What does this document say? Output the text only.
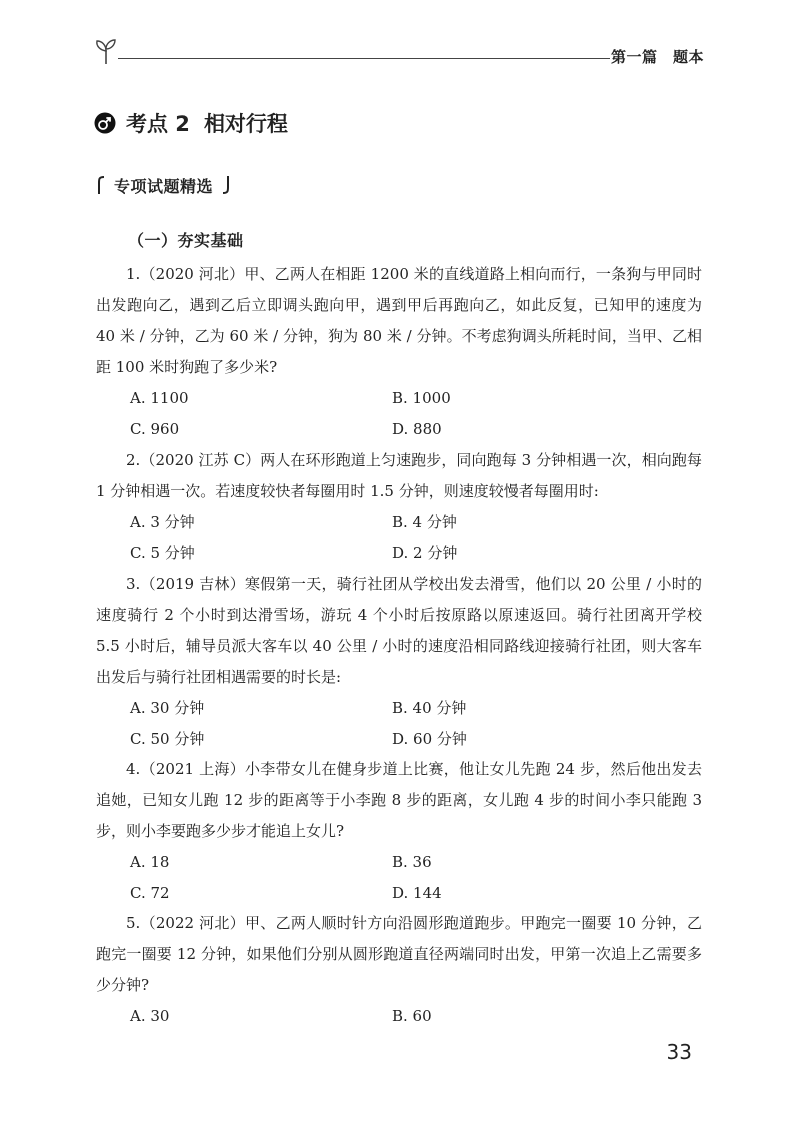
第一篇　题本
考点 2 相对行程
专项试题精选
（一）夯实基础
1.（2020 河北）甲、乙两人在相距 1200 米的直线道路上相向而行，一条狗与甲同时出发跑向乙，遇到乙后立即调头跑向甲，遇到甲后再跑向乙，如此反复，已知甲的速度为 40 米 / 分钟，乙为 60 米 / 分钟，狗为 80 米 / 分钟。不考虑狗调头所耗时间，当甲、乙相距 100 米时狗跑了多少米?
A. 1100	B. 1000
C. 960	D. 880
2.（2020 江苏 C）两人在环形跑道上匀速跑步，同向跑每 3 分钟相遇一次，相向跑每 1 分钟相遇一次。若速度较快者每圈用时 1.5 分钟，则速度较慢者每圈用时:
A. 3 分钟	B. 4 分钟
C. 5 分钟	D. 2 分钟
3.（2019 吉林）寒假第一天，骑行社团从学校出发去滑雪，他们以 20 公里 / 小时的速度骑行 2 个小时到达滑雪场，游玩 4 个小时后按原路以原速返回。骑行社团离开学校 5.5 小时后，辅导员派大客车以 40 公里 / 小时的速度沿相同路线迎接骑行社团，则大客车出发后与骑行社团相遇需要的时长是:
A. 30 分钟	B. 40 分钟
C. 50 分钟	D. 60 分钟
4.（2021 上海）小李带女儿在健身步道上比赛，他让女儿先跑 24 步，然后他出发去追她，已知女儿跑 12 步的距离等于小李跑 8 步的距离，女儿跑 4 步的时间小李只能跑 3 步，则小李要跑多少步才能追上女儿?
A. 18	B. 36
C. 72	D. 144
5.（2022 河北）甲、乙两人顺时针方向沿圆形跑道跑步。甲跑完一圈要 10 分钟，乙跑完一圈要 12 分钟，如果他们分别从圆形跑道直径两端同时出发，甲第一次追上乙需要多少分钟?
A. 30	B. 60
33
